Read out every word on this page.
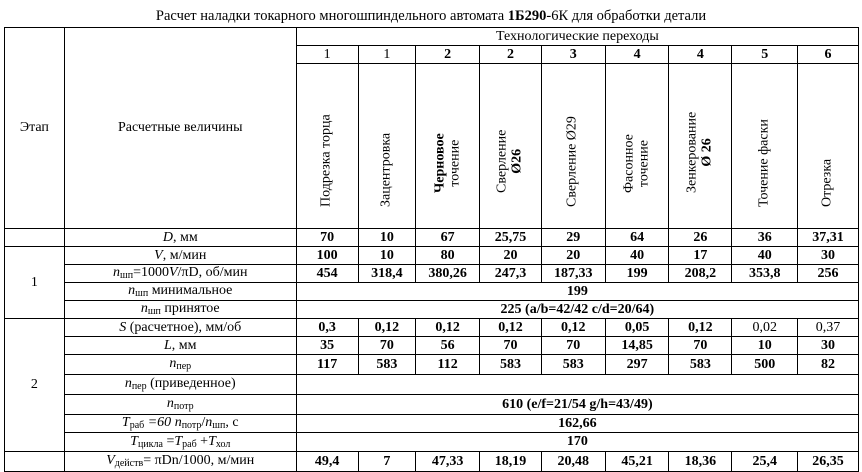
Расчет наладки токарного многошпиндельного автомата 1Б290-6К для обработки детали
Этап	Расчетные величины	Технологические переходы								
		1	1	2	2	3	4	4	5	6

		Подрезка торца	Зацентровка	Черновое точение	Сверление Ø26	Сверление Ø29	Фасонное точение	Зенкерование Ø 26	Точение фаски	Отрезка

	D, мм	70	10	67	25,75	29	64	26	36	37,31
1	V, м/мин	100	10	80	20	20	40	17	40	30
	$n_{шп}=1000V/\pi D$, об/мин	454	318,4	380,26	247,3	187,33	199	208,2	353,8	256
	$n_{шп}$ минимальное	199								
	$n_{шп}$ принятое	225 (a/b=42/42 c/d=20/64)								
2	S (расчетное), мм/об	0,3	0,12	0,12	0,12	0,12	0,05	0,12	0,02	0,37
	L, мм	35	70	56	70	70	14,85	70	10	30
	$n_{пер}$	117	583	112	583	583	297	583	500	82
	$n_{пер}$ (приведенное)									
	$n_{потр}$	610 (e/f=21/54 g/h=43/49)								
	$T_{раб} =60$ $n_{потр}/n_{шп}$, с	162,66								
	$T_{цикла} =T_{раб} +T_{хол}$	170								
	$V_{действ}= \pi Dn/1000$, м/мин	49,4	7	47,33	18,19	20,48	45,21	18,36	25,4	26,35
